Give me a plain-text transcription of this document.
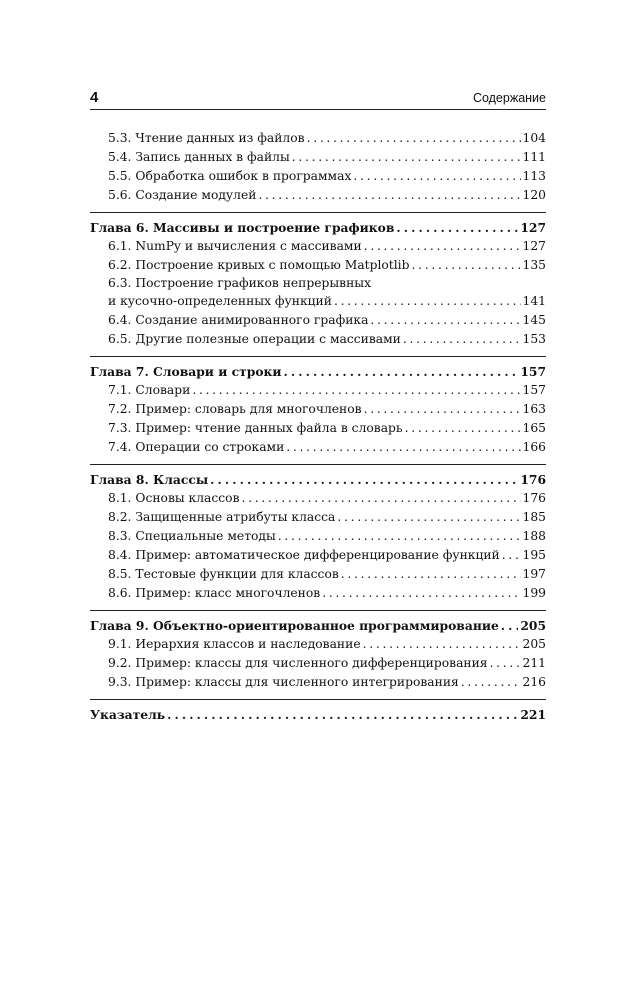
4	Содержание
5.3. Чтение данных из файлов . . .	104
5.4. Запись данных в файлы . . .	111
5.5. Обработка ошибок в программах . . .	113
5.6. Создание модулей . . .	120
Глава 6. Массивы и построение графиков . . .	127
6.1. NumPy и вычисления с массивами . . .	127
6.2. Построение кривых с помощью Matplotlib . . .	135
6.3. Построение графиков непрерывных
и кусочно-определенных функций . . .	141
6.4. Создание анимированного графика . . .	145
6.5. Другие полезные операции с массивами . . .	153
Глава 7. Словари и строки . . .	157
7.1. Словари . . .	157
7.2. Пример: словарь для многочленов . . .	163
7.3. Пример: чтение данных файла в словарь . . .	165
7.4. Операции со строками . . .	166
Глава 8. Классы . . .	176
8.1. Основы классов . . .	176
8.2. Защищенные атрибуты класса . . .	185
8.3. Специальные методы . . .	188
8.4. Пример: автоматическое дифференцирование функций . . . 195
8.5. Тестовые функции для классов . . .	197
8.6. Пример: класс многочленов . . .	199
Глава 9. Объектно-ориентированное программирование . . . 205
9.1. Иерархия классов и наследование . . .	205
9.2. Пример: классы для численного дифференцирования . . .	211
9.3. Пример: классы для численного интегрирования . . .	216
Указатель . . .	221
